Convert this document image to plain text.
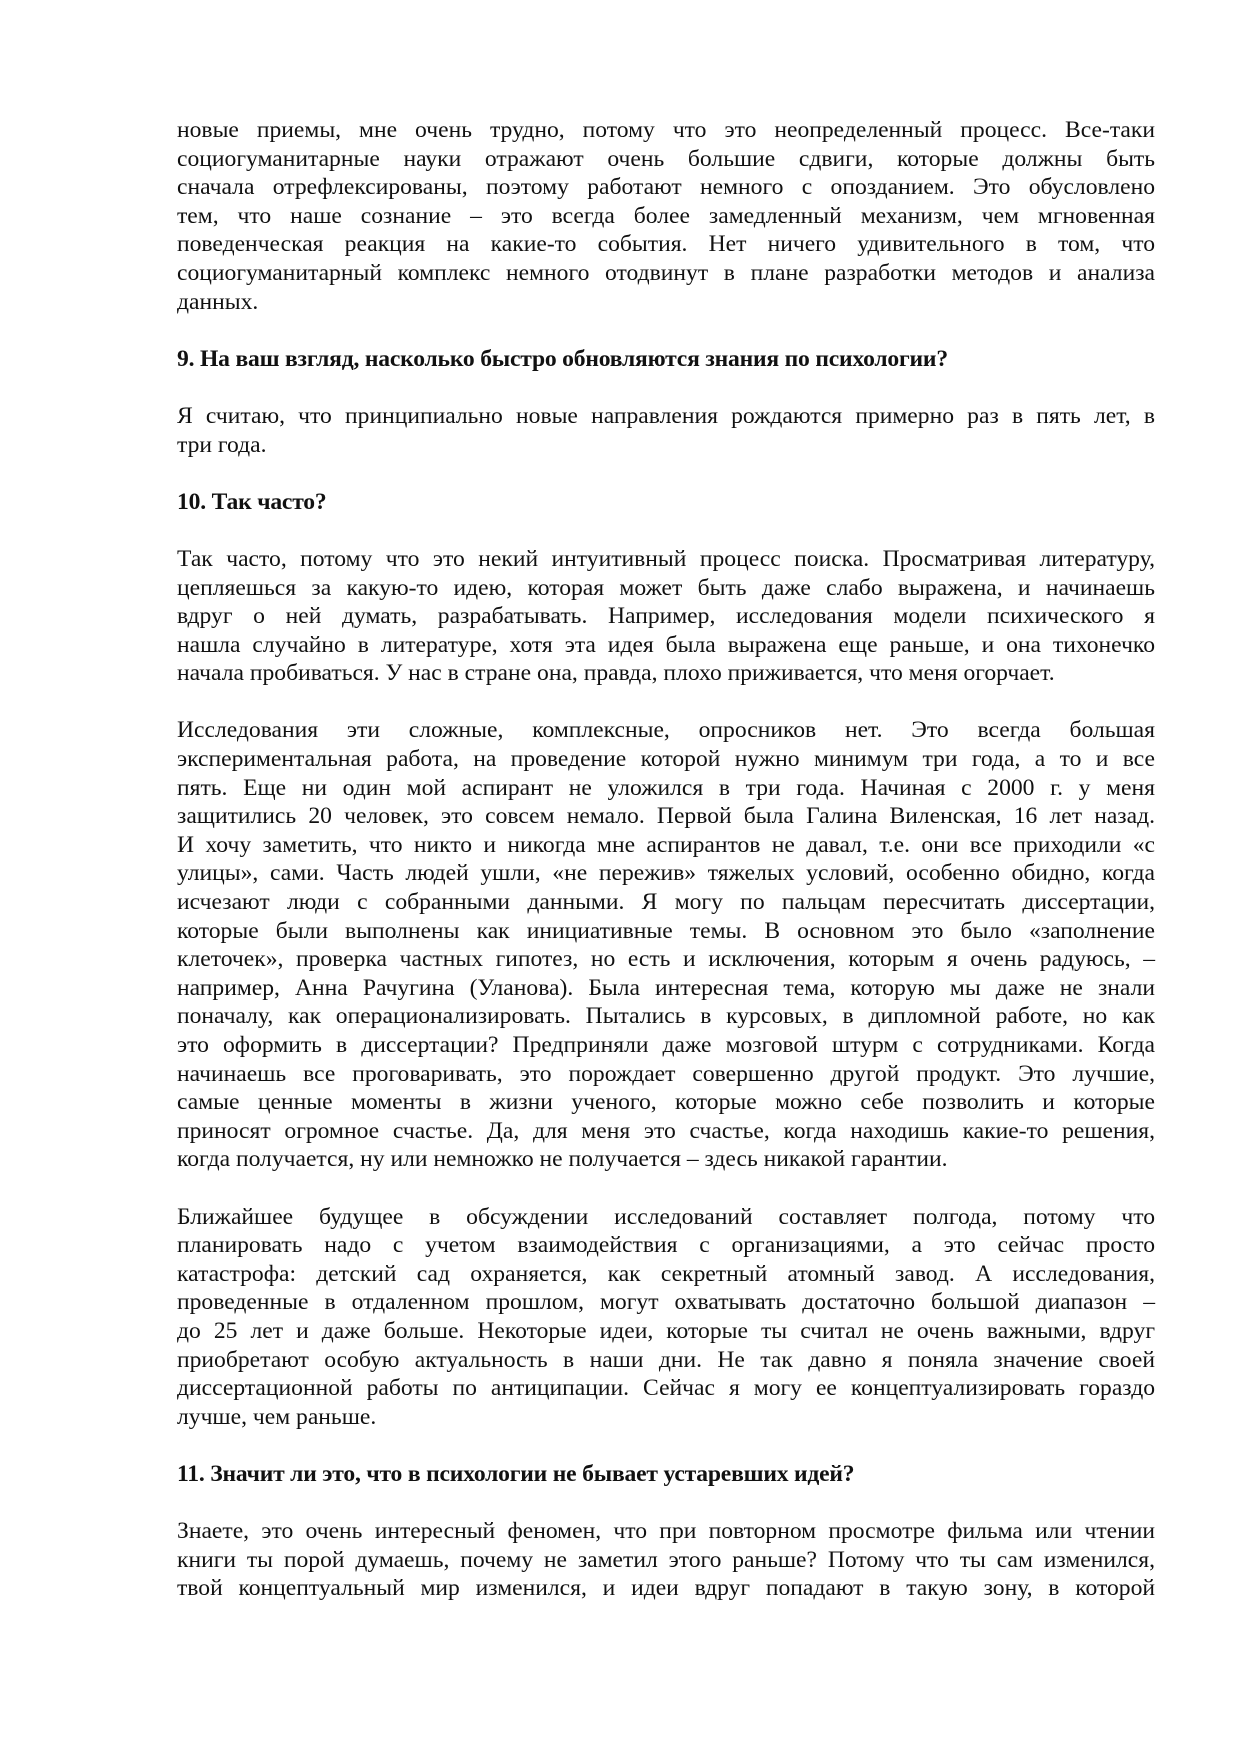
новые приемы, мне очень трудно, потому что это неопределенный процесс. Все-таки
социогуманитарные науки отражают очень большие сдвиги, которые должны быть
сначала отрефлексированы, поэтому работают немного с опозданием. Это обусловлено
тем, что наше сознание – это всегда более замедленный механизм, чем мгновенная
поведенческая реакция на какие-то события. Нет ничего удивительного в том, что
социогуманитарный комплекс немного отодвинут в плане разработки методов и анализа
данных.
9. На ваш взгляд, насколько быстро обновляются знания по психологии?
Я считаю, что принципиально новые направления рождаются примерно раз в пять лет, в
три года.
10. Так часто?
Так часто, потому что это некий интуитивный процесс поиска. Просматривая литературу,
цепляешься за какую-то идею, которая может быть даже слабо выражена, и начинаешь
вдруг о ней думать, разрабатывать. Например, исследования модели психического я
нашла случайно в литературе, хотя эта идея была выражена еще раньше, и она тихонечко
начала пробиваться. У нас в стране она, правда, плохо приживается, что меня огорчает.
Исследования эти сложные, комплексные, опросников нет. Это всегда большая
экспериментальная работа, на проведение которой нужно минимум три года, а то и все
пять. Еще ни один мой аспирант не уложился в три года. Начиная с 2000 г. у меня
защитились 20 человек, это совсем немало. Первой была Галина Виленская, 16 лет назад.
И хочу заметить, что никто и никогда мне аспирантов не давал, т.е. они все приходили «с
улицы», сами. Часть людей ушли, «не пережив» тяжелых условий, особенно обидно, когда
исчезают люди с собранными данными. Я могу по пальцам пересчитать диссертации,
которые были выполнены как инициативные темы. В основном это было «заполнение
клеточек», проверка частных гипотез, но есть и исключения, которым я очень радуюсь, –
например, Анна Рачугина (Уланова). Была интересная тема, которую мы даже не знали
поначалу, как операционализировать. Пытались в курсовых, в дипломной работе, но как
это оформить в диссертации? Предприняли даже мозговой штурм с сотрудниками. Когда
начинаешь все проговаривать, это порождает совершенно другой продукт. Это лучшие,
самые ценные моменты в жизни ученого, которые можно себе позволить и которые
приносят огромное счастье. Да, для меня это счастье, когда находишь какие-то решения,
когда получается, ну или немножко не получается – здесь никакой гарантии.
Ближайшее будущее в обсуждении исследований составляет полгода, потому что
планировать надо с учетом взаимодействия с организациями, а это сейчас просто
катастрофа: детский сад охраняется, как секретный атомный завод. А исследования,
проведенные в отдаленном прошлом, могут охватывать достаточно большой диапазон –
до 25 лет и даже больше. Некоторые идеи, которые ты считал не очень важными, вдруг
приобретают особую актуальность в наши дни. Не так давно я поняла значение своей
диссертационной работы по антиципации. Сейчас я могу ее концептуализировать гораздо
лучше, чем раньше.
11. Значит ли это, что в психологии не бывает устаревших идей?
Знаете, это очень интересный феномен, что при повторном просмотре фильма или чтении
книги ты порой думаешь, почему не заметил этого раньше? Потому что ты сам изменился,
твой концептуальный мир изменился, и идеи вдруг попадают в такую зону, в которой
